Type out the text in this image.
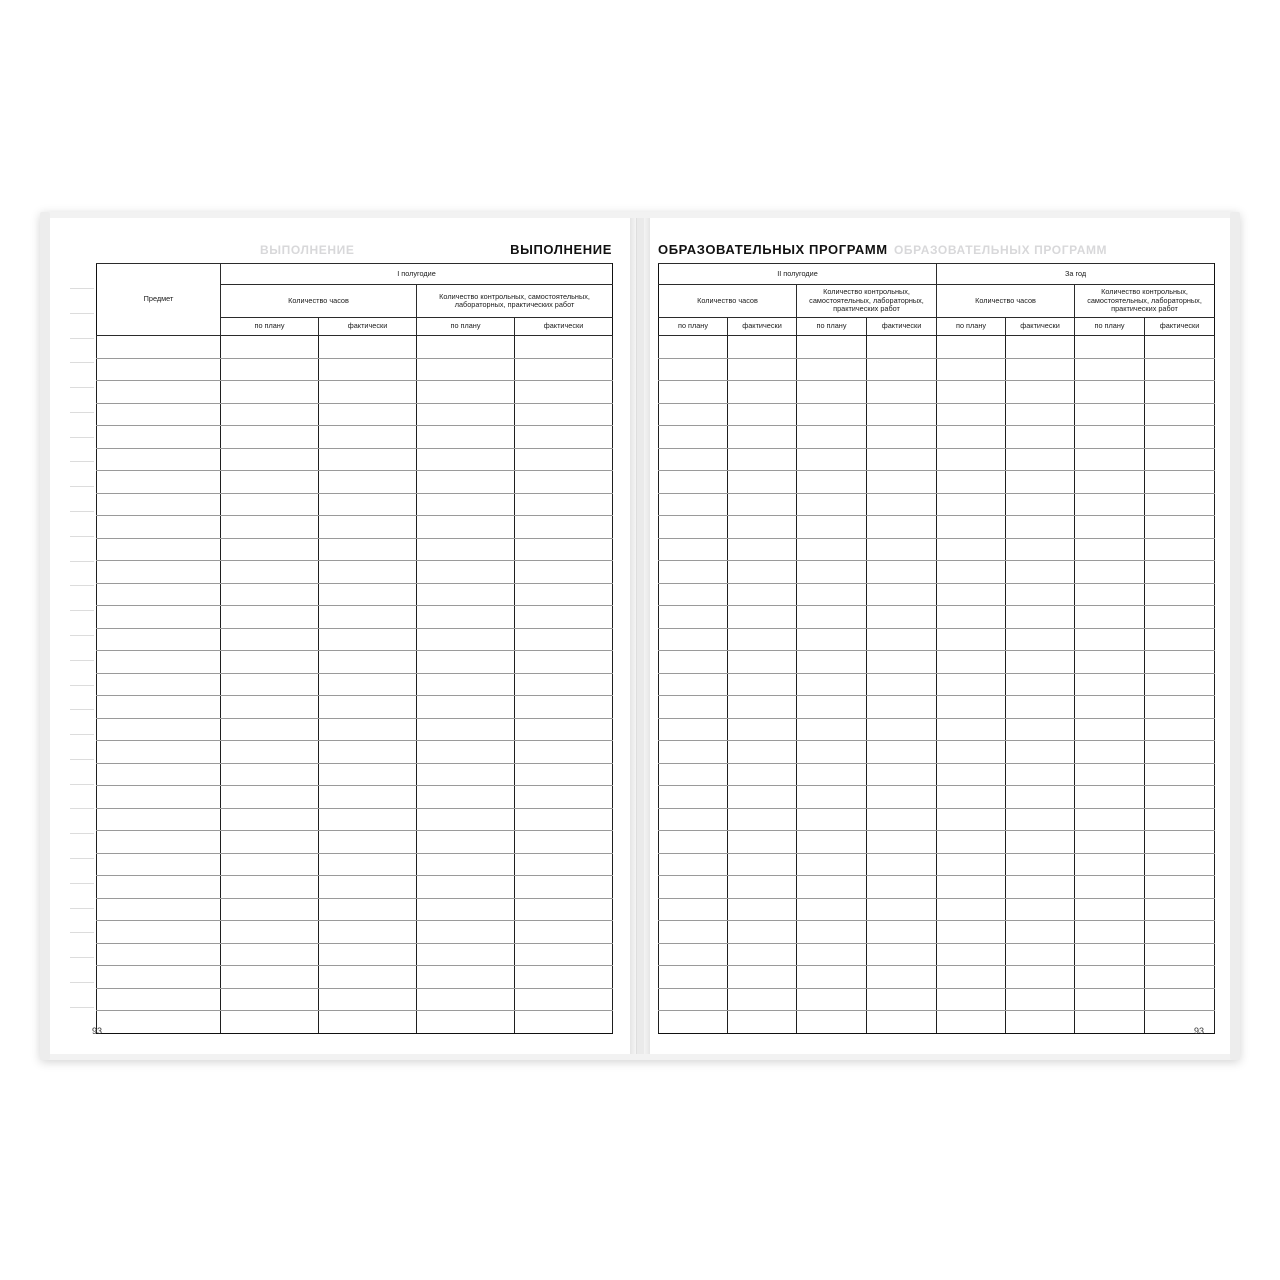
ВЫПОЛНЕНИЕ	ВЫПОЛНЕНИЕ
Предмет	I полугодие			
	Количество часов		Количество контрольных, самостоятельных, лабораторных, практических работ	
	по плану	фактически	по плану	фактически

93
ОБРАЗОВАТЕЛЬНЫХ ПРОГРАММ ОБРАЗОВАТЕЛЬНЫХ ПРОГРАММ
II полугодие				За год			
Количество часов		Количество контрольных, самостоятельных, лабораторных, практических работ		Количество часов		Количество контрольных, самостоятельных, лабораторных, практических работ	
по плану	фактически	по плану	фактически	по плану	фактически	по плану	фактически

93
